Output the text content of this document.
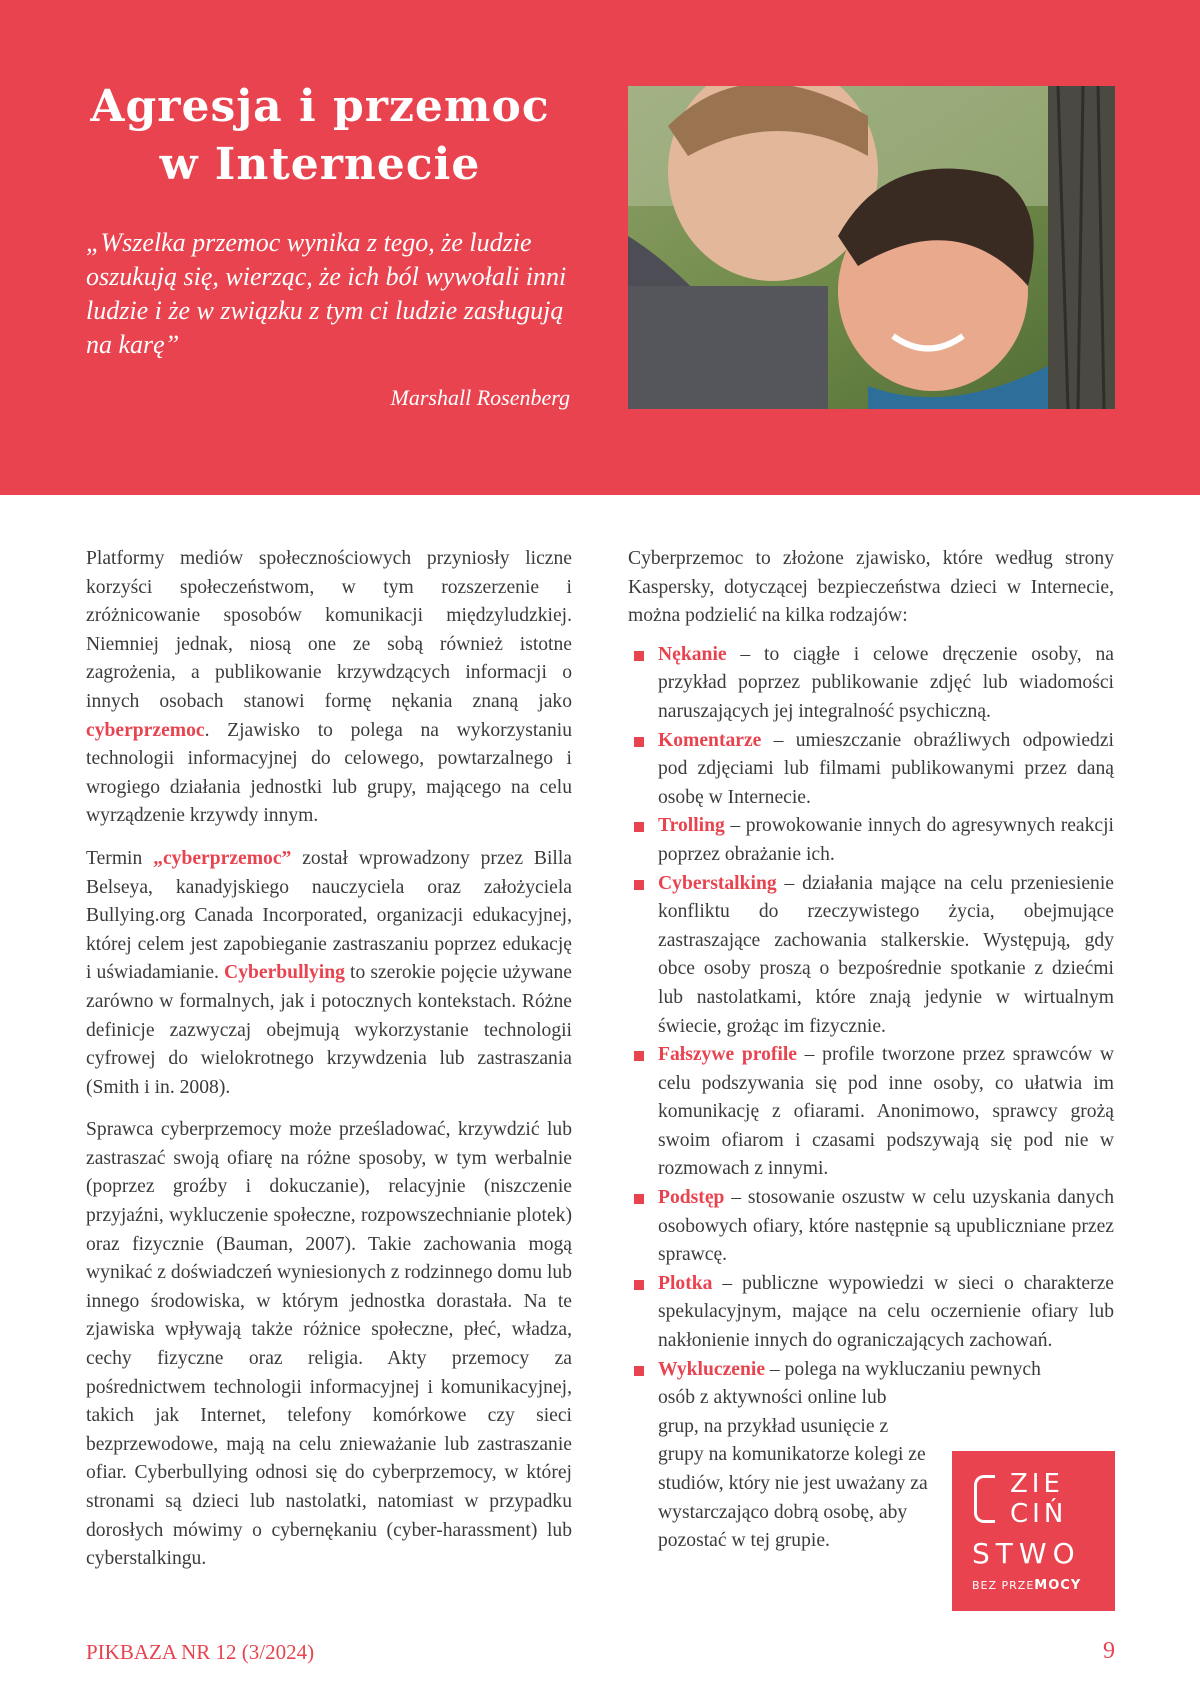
Agresja i przemoc
w Internecie
„Wszelka przemoc wynika z tego, że ludzie oszukują się, wierząc, że ich ból wywołali inni ludzie i że w związku z tym ci ludzie zasługują na karę”
Marshall Rosenberg

Platformy mediów społecznościowych przyniosły liczne korzyści społeczeństwom, w tym rozszerzenie i zróżnicowanie sposobów komunikacji międzyludzkiej. Niemniej jednak, niosą one ze sobą również istotne zagrożenia, a publikowanie krzywdzących informacji o innych osobach stanowi formę nękania znaną jako cyberprzemoc. Zjawisko to polega na wykorzystaniu technologii informacyjnej do celowego, powtarzalnego i wrogiego działania jednostki lub grupy, mającego na celu wyrządzenie krzywdy innym.

Termin „cyberprzemoc” został wprowadzony przez Billa Belseya, kanadyjskiego nauczyciela oraz założyciela Bullying.org Canada Incorporated, organizacji edukacyjnej, której celem jest zapobieganie zastraszaniu poprzez edukację i uświadamianie. Cyberbullying to szerokie pojęcie używane zarówno w formalnych, jak i potocznych kontekstach. Różne definicje zazwyczaj obejmują wykorzystanie technologii cyfrowej do wielokrotnego krzywdzenia lub zastraszania (Smith i in. 2008).

Sprawca cyberprzemocy może prześladować, krzywdzić lub zastraszać swoją ofiarę na różne sposoby, w tym werbalnie (poprzez groźby i dokuczanie), relacyjnie (niszczenie przyjaźni, wykluczenie społeczne, rozpowszechnianie plotek) oraz fizycznie (Bauman, 2007). Takie zachowania mogą wynikać z doświadczeń wyniesionych z rodzinnego domu lub innego środowiska, w którym jednostka dorastała. Na te zjawiska wpływają także różnice społeczne, płeć, władza, cechy fizyczne oraz religia. Akty przemocy za pośrednictwem technologii informacyjnej i komunikacyjnej, takich jak Internet, telefony komórkowe czy sieci bezprzewodowe, mają na celu znieważanie lub zastraszanie ofiar. Cyberbullying odnosi się do cyberprzemocy, w której stronami są dzieci lub nastolatki, natomiast w przypadku dorosłych mówimy o cybernękaniu (cyber-harassment) lub cyberstalkingu.

Cyberprzemoc to złożone zjawisko, które według strony Kaspersky, dotyczącej bezpieczeństwa dzieci w Internecie, można podzielić na kilka rodzajów:

Nękanie – to ciągłe i celowe dręczenie osoby, na przykład poprzez publikowanie zdjęć lub wiadomości naruszających jej integralność psychiczną.
Komentarze – umieszczanie obraźliwych odpowiedzi pod zdjęciami lub filmami publikowanymi przez daną osobę w Internecie.
Trolling – prowokowanie innych do agresywnych reakcji poprzez obrażanie ich.
Cyberstalking – działania mające na celu przeniesienie konfliktu do rzeczywistego życia, obejmujące zastraszające zachowania stalkerskie. Występują, gdy obce osoby proszą o bezpośrednie spotkanie z dziećmi lub nastolatkami, które znają jedynie w wirtualnym świecie, grożąc im fizycznie.
Fałszywe profile – profile tworzone przez sprawców w celu podszywania się pod inne osoby, co ułatwia im komunikację z ofiarami. Anonimowo, sprawcy grożą swoim ofiarom i czasami podszywają się pod nie w rozmowach z innymi.
Podstęp – stosowanie oszustw w celu uzyskania danych osobowych ofiary, które następnie są upubliczniane przez sprawcę.
Plotka – publiczne wypowiedzi w sieci o charakterze spekulacyjnym, mające na celu oczernienie ofiary lub nakłonienie innych do ograniczających zachowań.
Wykluczenie – polega na wykluczaniu pewnych
osób z aktywności online lub grup, na przykład usunięcie z grupy na komunikatorze kolegi ze studiów, który nie jest uważany za wystarczająco dobrą osobę, aby pozostać w tej grupie.
ZIE
CIŃ
STWO
BEZ PRZEMOCY
PIKBAZA NR 12 (3/2024)	9
